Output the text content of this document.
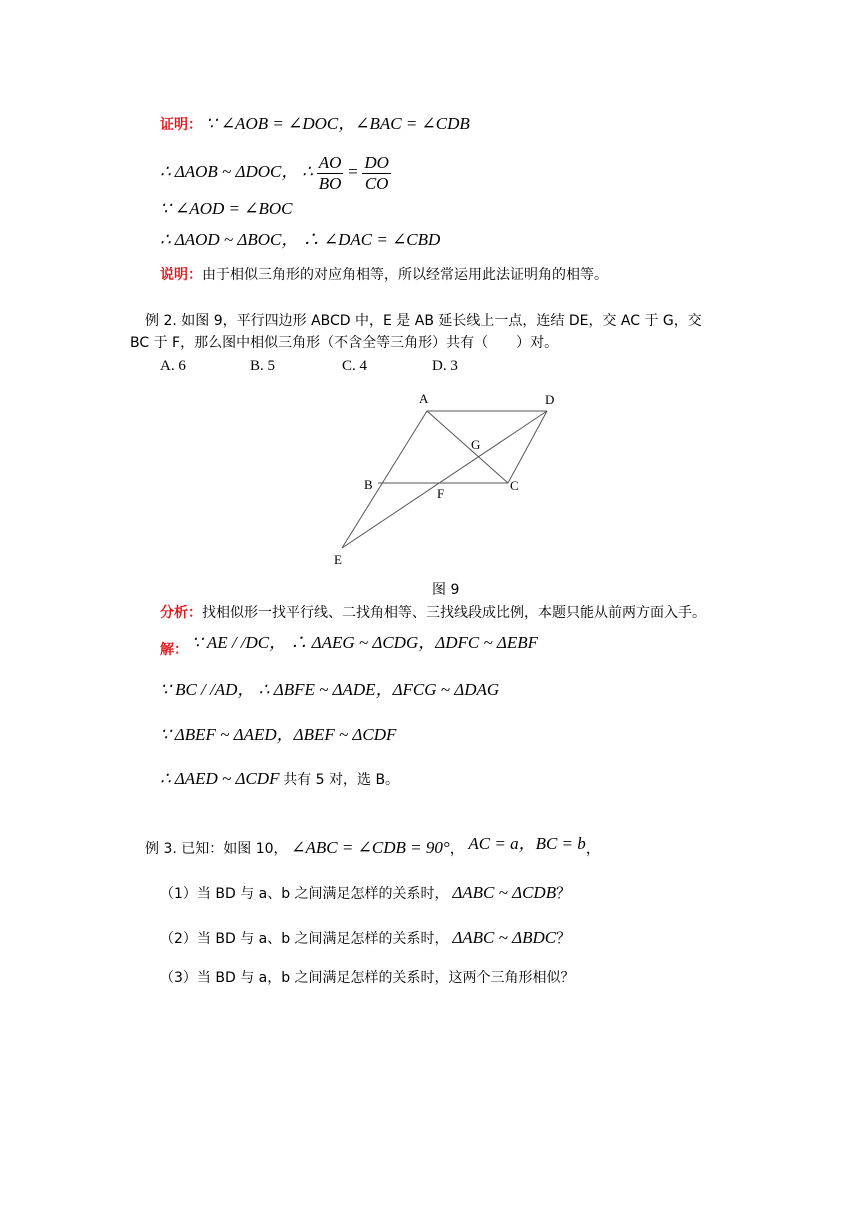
证明： ∵ ∠AOB = ∠DOC，∠BAC = ∠CDB
∴ ΔAOB ~ ΔDOC， ∴ $\frac{AO}{BO} = \frac{DO}{CO}$
∵ ∠AOD = ∠BOC
∴ ΔAOD ~ ΔBOC， ∴ ∠DAC = ∠CBD
说明：由于相似三角形的对应角相等，所以经常运用此法证明角的相等。
例 2. 如图 9，平行四边形 ABCD 中，E 是 AB 延长线上一点，连结 DE，交 AC 于 G，交
BC 于 F，那么图中相似三角形（不含全等三角形）共有（　　）对。
A. 6	B. 5	C. 4	D. 3
A	D
G
B	C
F
E
图 9
分析：找相似形一找平行线、二找角相等、三找线段成比例，本题只能从前两方面入手。
解： ∵ AE / /DC， ∴ ΔAEG ~ ΔCDG，ΔDFC ~ ΔEBF
∵ BC / /AD， ∴ ΔBFE ~ ΔADE，ΔFCG ~ ΔDAG
∵ ΔBEF ~ ΔAED，ΔBEF ~ ΔCDF
∴ ΔAED ~ ΔCDF 共有 5 对，选 B。
例 3. 已知：如图 10， ∠ABC = ∠CDB = 90°， AC = a，BC = b，
（1）当 BD 与 a、b 之间满足怎样的关系时， ΔABC ~ ΔCDB？
（2）当 BD 与 a、b 之间满足怎样的关系时， ΔABC ~ ΔBDC？
（3）当 BD 与 a，b 之间满足怎样的关系时，这两个三角形相似？
